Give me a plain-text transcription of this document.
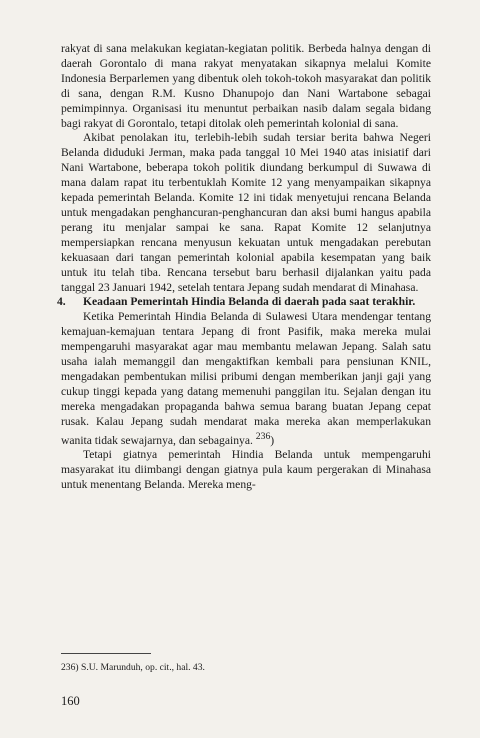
rakyat di sana melakukan kegiatan-kegiatan politik. Berbeda halnya dengan di daerah Gorontalo di mana rakyat menyatakan sikapnya melalui Komite Indonesia Berparlemen yang dibentuk oleh tokoh-tokoh masyarakat dan politik di sana, dengan R.M. Kusno Dhanupojo dan Nani Wartabone sebagai pemimpinnya. Organisasi itu menuntut perbaikan nasib dalam segala bidang bagi rakyat di Gorontalo, tetapi ditolak oleh pemerintah kolonial di sana.

Akibat penolakan itu, terlebih-lebih sudah tersiar berita bahwa Negeri Belanda diduduki Jerman, maka pada tanggal 10 Mei 1940 atas inisiatif dari Nani Wartabone, beberapa tokoh politik diundang berkumpul di Suwawa di mana dalam rapat itu terbentuklah Komite 12 yang menyampaikan sikapnya kepada pemerintah Belanda. Komite 12 ini tidak menyetujui rencana Belanda untuk mengadakan penghancuran-penghancuran dan aksi bumi hangus apabila perang itu menjalar sampai ke sana. Rapat Komite 12 selanjutnya mempersiapkan rencana menyusun kekuatan untuk mengadakan perebutan kekuasaan dari tangan pemerintah kolonial apabila kesempatan yang baik untuk itu telah tiba. Rencana tersebut baru berhasil dijalankan yaitu pada tanggal 23 Januari 1942, setelah tentara Jepang sudah mendarat di Minahasa.

4.	Keadaan Pemerintah Hindia Belanda di daerah pada saat terakhir.

Ketika Pemerintah Hindia Belanda di Sulawesi Utara mendengar tentang kemajuan-kemajuan tentara Jepang di front Pasifik, maka mereka mulai mempengaruhi masyarakat agar mau membantu melawan Jepang. Salah satu usaha ialah memanggil dan mengaktifkan kembali para pensiunan KNIL, mengadakan pembentukan milisi pribumi dengan memberikan janji gaji yang cukup tinggi kepada yang datang memenuhi panggilan itu. Sejalan dengan itu mereka mengadakan propaganda bahwa semua barang buatan Jepang cepat rusak. Kalau Jepang sudah mendarat maka mereka akan memperlakukan wanita tidak sewajarnya, dan sebagainya. $^{236}$)

Tetapi giatnya pemerintah Hindia Belanda untuk mempengaruhi masyarakat itu diimbangi dengan giatnya pula kaum pergerakan di Minahasa untuk menentang Belanda. Mereka meng-

236) S.U. Marunduh, op. cit., hal. 43.
160
